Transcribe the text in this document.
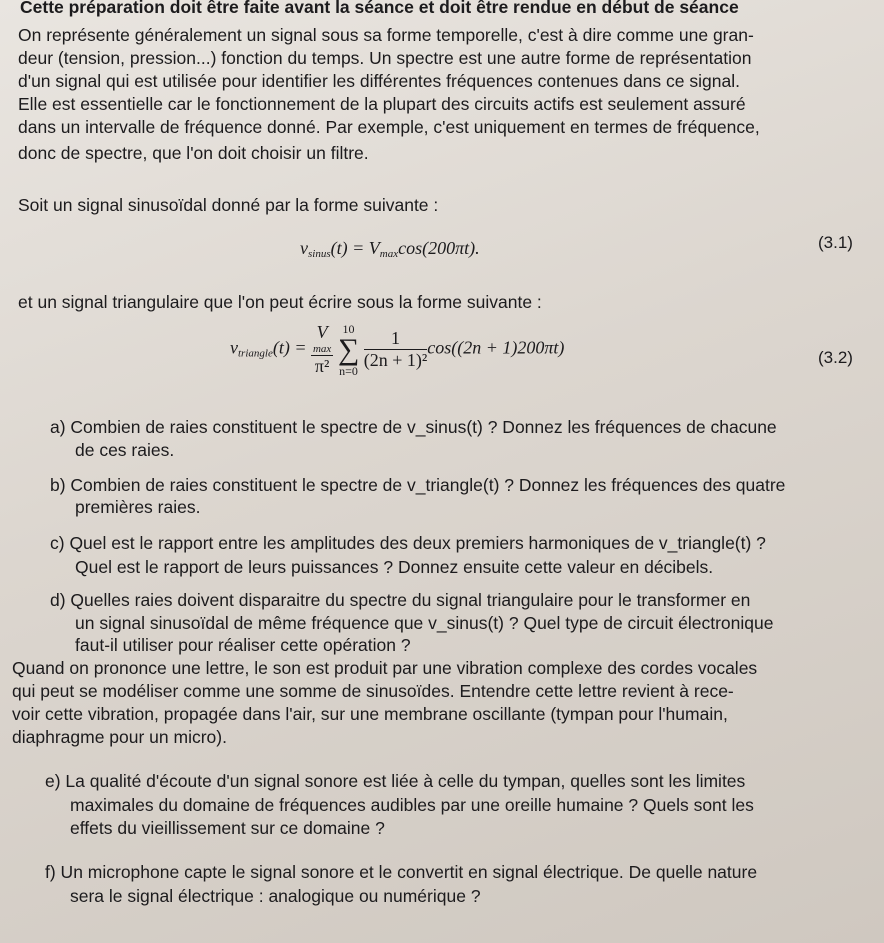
Cette préparation doit être faite avant la séance et doit être rendue en début de séance
On représente généralement un signal sous sa forme temporelle, c'est à dire comme une gran-
deur (tension, pression...) fonction du temps. Un spectre est une autre forme de représentation
d'un signal qui est utilisée pour identifier les différentes fréquences contenues dans ce signal.
Elle est essentielle car le fonctionnement de la plupart des circuits actifs est seulement assuré
dans un intervalle de fréquence donné. Par exemple, c'est uniquement en termes de fréquence,
donc de spectre, que l'on doit choisir un filtre.
Soit un signal sinusoïdal donné par la forme suivante :
$v_{sinus}(t) = V_{max}\cos(200\pi t)$.	(3.1)
et un signal triangulaire que l'on peut écrire sous la forme suivante :
$v_{triangle}(t) = V$
max
π²
10
∑
n=0
$\frac{1}{\text{(2n + 1)²}} \cos((2n + 1)200\pi t)$	(3.2)
a) Combien de raies constituent le spectre de v_sinus(t) ? Donnez les fréquences de chacune
de ces raies.
b) Combien de raies constituent le spectre de v_triangle(t) ? Donnez les fréquences des quatre
premières raies.
c) Quel est le rapport entre les amplitudes des deux premiers harmoniques de v_triangle(t) ?
Quel est le rapport de leurs puissances ? Donnez ensuite cette valeur en décibels.
d) Quelles raies doivent disparaitre du spectre du signal triangulaire pour le transformer en
un signal sinusoïdal de même fréquence que v_sinus(t) ? Quel type de circuit électronique
faut-il utiliser pour réaliser cette opération ?
Quand on prononce une lettre, le son est produit par une vibration complexe des cordes vocales
qui peut se modéliser comme une somme de sinusoïdes. Entendre cette lettre revient à rece-
voir cette vibration, propagée dans l'air, sur une membrane oscillante (tympan pour l'humain,
diaphragme pour un micro).
e) La qualité d'écoute d'un signal sonore est liée à celle du tympan, quelles sont les limites
maximales du domaine de fréquences audibles par une oreille humaine ? Quels sont les
effets du vieillissement sur ce domaine ?
f) Un microphone capte le signal sonore et le convertit en signal électrique. De quelle nature
sera le signal électrique : analogique ou numérique ?
